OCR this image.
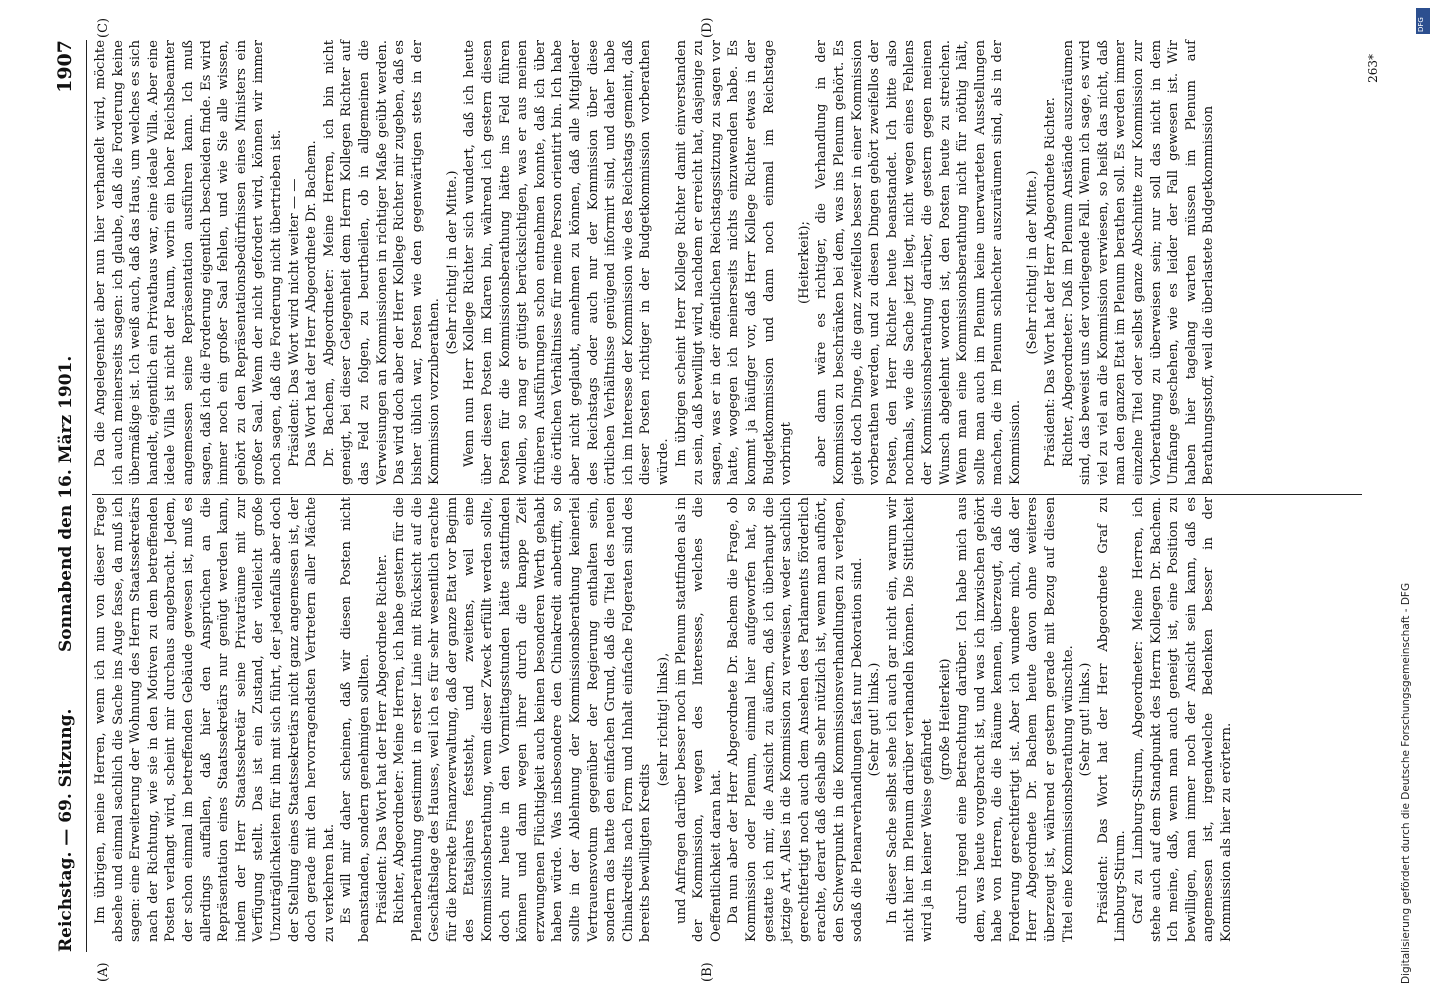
Reichstag. — 69. Sitzung.
Sonnabend den 16. März 1901.
1907
(A)	(B)
(C)	(D)

Im übrigen, meine Herren, wenn ich nun von dieser Frage absehe und einmal sachlich die Sache ins Auge fasse, da muß ich sagen: eine Erweiterung der Wohnung des Herrn Staatssekretärs nach der Richtung, wie sie in den Motiven zu dem betreffenden Posten verlangt wird, scheint mir durchaus angebracht. Jedem, der schon einmal im betreffenden Gebäude gewesen ist, muß es allerdings auffallen, daß hier den Ansprüchen an die Repräsentation eines Staatssekretärs nur genügt werden kann, indem der Herr Staatssekretär seine Privaträume mit zur Verfügung stellt. Das ist ein Zustand, der vielleicht große Unzuträglichkeiten für ihn mit sich führt, der jedenfalls aber doch der Stellung eines Staatssekretärs nicht ganz angemessen ist, der doch gerade mit den hervorragendsten Vertretern aller Mächte zu verkehren hat. Es will mir daher scheinen, daß wir diesen Posten nicht beanstanden, sondern genehmigen sollten. Präsident: Das Wort hat der Herr Abgeordnete Richter. Richter, Abgeordneter: Meine Herren, ich habe gestern für die Plenarberathung gestimmt in erster Linie mit Rücksicht auf die Geschäftslage des Hauses, weil ich es für sehr wesentlich erachte für die korrekte Finanzverwaltung, daß der ganze Etat vor Beginn des Etatsjahres feststeht, und zweitens, weil eine Kommissionsberathung, wenn dieser Zweck erfüllt werden sollte, doch nur heute in den Vormittagsstunden hätte stattfinden können und dann wegen ihrer durch die knappe Zeit erzwungenen Flüchtigkeit auch keinen besonderen Werth gehabt haben würde. Was insbesondere den Chinakredit anbetrifft, so sollte in der Ablehnung der Kommissionsberathung keinerlei Vertrauensvotum gegenüber der Regierung enthalten sein, sondern das hatte den einfachen Grund, daß die Titel des neuen Chinakredits nach Form und Inhalt einfache Folgeraten sind des bereits bewilligten Kredits

(sehr richtig! links), und Anfragen darüber besser noch im Plenum stattfinden als in der Kommission, wegen des Interesses, welches die Oeffentlichkeit daran hat. Da nun aber der Herr Abgeordnete Dr. Bachem die Frage, ob Kommission oder Plenum, einmal hier aufgeworfen hat, so gestatte ich mir, die Ansicht zu äußern, daß ich überhaupt die jetzige Art, Alles in die Kommission zu verweisen, weder sachlich gerechtfertigt noch auch dem Ansehen des Parlaments förderlich erachte, derart daß deshalb sehr nützlich ist, wenn man aufhört, den Schwerpunkt in die Kommissionsverhandlungen zu verlegen, sodaß die Plenarverhandlungen fast nur Dekoration sind. (Sehr gut! links.) In dieser Sache selbst sehe ich auch gar nicht ein, warum wir nicht hier im Plenum darüber verhandeln können. Die Sittlichkeit wird ja in keiner Weise gefährdet (große Heiterkeit) durch irgend eine Betrachtung darüber. Ich habe mich aus dem, was heute vorgebracht ist, und was ich inzwischen gehört habe von Herren, die die Räume kennen, überzeugt, daß die Forderung gerechtfertigt ist. Aber ich wundere mich, daß der Herr Abgeordnete Dr. Bachem heute davon ohne weiteres überzeugt ist, während er gestern gerade mit Bezug auf diesen Titel eine Kommissionsberathung wünschte. (Sehr gut! links.) Präsident: Das Wort hat der Herr Abgeordnete Graf zu Limburg-Stirum. Graf zu Limburg-Stirum, Abgeordneter: Meine Herren, ich stehe auch auf dem Standpunkt des Herrn Kollegen Dr. Bachem. Ich meine, daß, wenn man auch geneigt ist, eine Position zu bewilligen, man immer noch der Ansicht sein kann, daß es angemessen ist, irgendwelche Bedenken besser in der Kommission als hier zu erörtern.

Da die Angelegenheit aber nun hier verhandelt wird, möchte ich auch meinerseits sagen: ich glaube, daß die Forderung keine übermäßige ist. Ich weiß auch, daß das Haus, um welches es sich handelt, eigentlich ein Privathaus war, eine ideale Villa. Aber eine ideale Villa ist nicht der Raum, worin ein hoher Reichsbeamter angemessen seine Repräsentation ausführen kann. Ich muß sagen, daß ich die Forderung eigentlich bescheiden finde. Es wird immer noch ein großer Saal fehlen, und wie Sie alle wissen, gehört zu den Repräsentationsbedürfnissen eines Ministers ein großer Saal. Wenn der nicht gefordert wird, können wir immer noch sagen, daß die Forderung nicht übertrieben ist. Präsident: Das Wort wird nicht weiter — — Das Wort hat der Herr Abgeordnete Dr. Bachem. Dr. Bachem, Abgeordneter: Meine Herren, ich bin nicht geneigt, bei dieser Gelegenheit dem Herrn Kollegen Richter auf das Feld zu folgen, zu beurtheilen, ob in allgemeinen die Verweisungen an Kommissionen in richtiger Maße geübt werden. Das wird doch aber der Herr Kollege Richter mir zugeben, daß es bisher üblich war, Posten wie den gegenwärtigen stets in der Kommission vorzuberathen.

(Sehr richtig! in der Mitte.) Wenn nun Herr Kollege Richter sich wundert, daß ich heute über diesen Posten im Klaren bin, während ich gestern diesen Posten für die Kommissionsberathung hätte ins Feld führen wollen, so mag er gütigst berücksichtigen, was er aus meinen früheren Ausführungen schon entnehmen konnte, daß ich über die örtlichen Verhältnisse für meine Person orientirt bin. Ich habe aber nicht geglaubt, annehmen zu können, daß alle Mitglieder des Reichstags oder auch nur der Kommission über diese örtlichen Verhältnisse genügend informirt sind, und daher habe ich im Interesse der Kommission wie des Reichstags gemeint, daß dieser Posten richtiger in der Budgetkommission vorberathen würde. Im übrigen scheint Herr Kollege Richter damit einverstanden zu sein, daß bewilligt wird, nachdem er erreicht hat, dasjenige zu sagen, was er in der öffentlichen Reichstagssitzung zu sagen vor hatte, wogegen ich meinerseits nichts einzuwenden habe. Es kommt ja häufiger vor, daß Herr Kollege Richter etwas in der Budgetkommission und dann noch einmal im Reichstage vorbringt

(Heiterkeit); aber dann wäre es richtiger, die Verhandlung in der Kommission zu beschränken bei dem, was ins Plenum gehört. Es giebt doch Dinge, die ganz zweifellos besser in einer Kommission vorberathen werden, und zu diesen Dingen gehört zweifellos der Posten, den Herr Richter heute beanstandet. Ich bitte also nochmals, wie die Sache jetzt liegt, nicht wegen eines Fehlens der Kommissionsberathung darüber, die gestern gegen meinen Wunsch abgelehnt worden ist, den Posten heute zu streichen. Wenn man eine Kommissionsberathung nicht für nöthig hält, sollte man auch im Plenum keine unerwarteten Ausstellungen machen, die im Plenum schlechter auszuräumen sind, als in der Kommission.

(Sehr richtig! in der Mitte.) Präsident: Das Wort hat der Herr Abgeordnete Richter. Richter, Abgeordneter: Daß im Plenum Anstände auszuräumen sind, das beweist uns der vorliegende Fall. Wenn ich sage, es wird viel zu viel an die Kommission verwiesen, so heißt das nicht, daß man den ganzen Etat im Plenum berathen soll. Es werden immer einzelne Titel oder selbst ganze Abschnitte zur Kommission zur Vorberathung zu überweisen sein; nur soll das nicht in dem Umfange geschehen, wie es leider der Fall gewesen ist. Wir haben hier tagelang warten müssen im Plenum auf Berathungsstoff, weil die überlastete Budgetkommission

263*
Digitalisierung gefördert durch die Deutsche Forschungsgemeinschaft - DFG
DFG
